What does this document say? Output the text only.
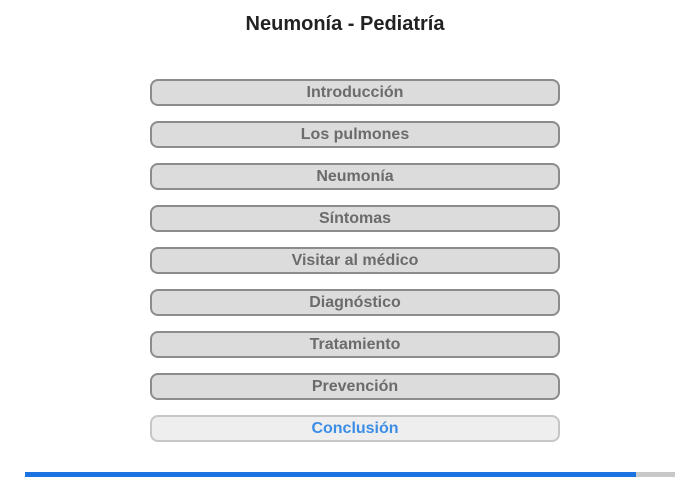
Neumonía - Pediatría
Introducción
Los pulmones
Neumonía
Síntomas
Visitar al médico
Diagnóstico
Tratamiento
Prevención
Conclusión
